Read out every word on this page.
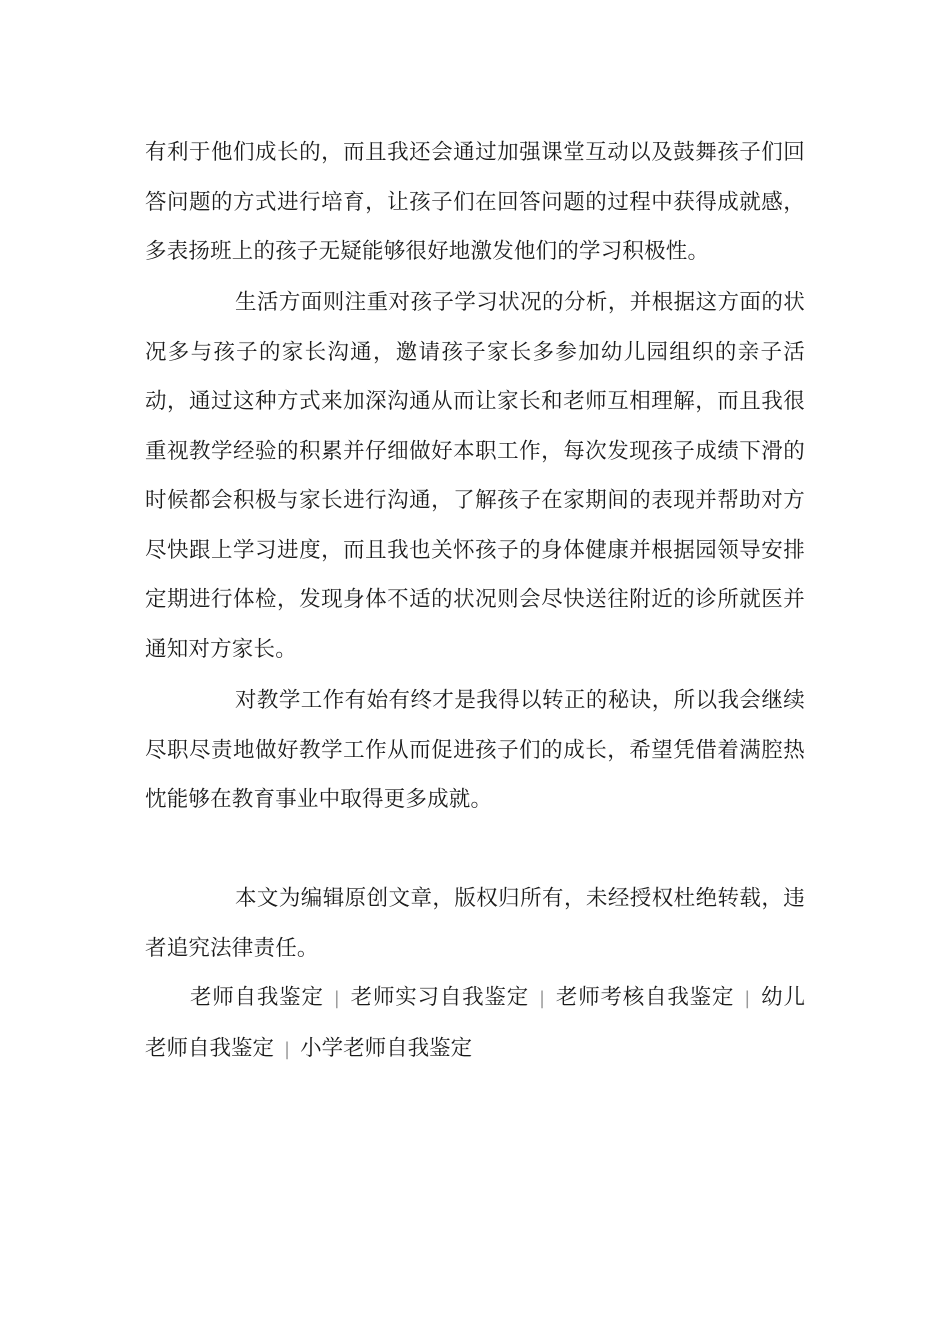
有利于他们成长的，而且我还会通过加强课堂互动以及鼓舞孩子们回答问题的方式进行培育，让孩子们在回答问题的过程中获得成就感，多表扬班上的孩子无疑能够很好地激发他们的学习积极性。

生活方面则注重对孩子学习状况的分析，并根据这方面的状况多与孩子的家长沟通，邀请孩子家长多参加幼儿园组织的亲子活动，通过这种方式来加深沟通从而让家长和老师互相理解，而且我很重视教学经验的积累并仔细做好本职工作，每次发现孩子成绩下滑的时候都会积极与家长进行沟通，了解孩子在家期间的表现并帮助对方尽快跟上学习进度，而且我也关怀孩子的身体健康并根据园领导安排定期进行体检，发现身体不适的状况则会尽快送往附近的诊所就医并通知对方家长。

对教学工作有始有终才是我得以转正的秘诀，所以我会继续尽职尽责地做好教学工作从而促进孩子们的成长，希望凭借着满腔热忱能够在教育事业中取得更多成就。

本文为编辑原创文章，版权归所有，未经授权杜绝转载，违者追究法律责任。

老师自我鉴定 | 老师实习自我鉴定 | 老师考核自我鉴定 | 幼儿老师自我鉴定 | 小学老师自我鉴定
